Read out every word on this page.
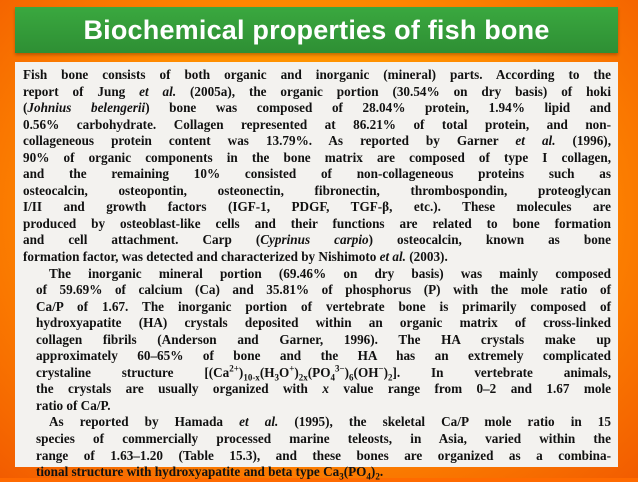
Biochemical properties of fish bone

Fish bone consists of both organic and inorganic (mineral) parts. According to the
report of Jung et al. (2005a), the organic portion (30.54% on dry basis) of hoki
(Johnius belengerii) bone was composed of 28.04% protein, 1.94% lipid and
0.56% carbohydrate. Collagen represented at 86.21% of total protein, and non-
collageneous protein content was 13.79%. As reported by Garner et al. (1996),
90% of organic components in the bone matrix are composed of type I collagen,
and the remaining 10% consisted of non-collageneous proteins such as
osteocalcin, osteopontin, osteonectin, fibronectin, thrombospondin, proteoglycan
I/II and growth factors (IGF-1, PDGF, TGF-β, etc.). These molecules are
produced by osteoblast-like cells and their functions are related to bone formation
and cell attachment. Carp (Cyprinus carpio) osteocalcin, known as bone
formation factor, was detected and characterized by Nishimoto et al. (2003).

The inorganic mineral portion (69.46% on dry basis) was mainly composed
of 59.69% of calcium (Ca) and 35.81% of phosphorus (P) with the mole ratio of
Ca/P of 1.67. The inorganic portion of vertebrate bone is primarily composed of
hydroxyapatite (HA) crystals deposited within an organic matrix of cross-linked
collagen fibrils (Anderson and Garner, 1996). The HA crystals make up
approximately 60–65% of bone and the HA has an extremely complicated
crystaline structure $[(Ca^{2+})_{10-x}(H_3O^+)_{2x}(PO_4^{3-})_6(OH^-)_2]$. In vertebrate animals,
the crystals are usually organized with x value range from 0–2 and 1.67 mole
ratio of Ca/P.

As reported by Hamada et al. (1995), the skeletal Ca/P mole ratio in 15
species of commercially processed marine teleosts, in Asia, varied within the
range of 1.63–1.20 (Table 15.3), and these bones are organized as a combina-
tional structure with hydroxyapatite and beta type $Ca_3(PO_4)_2$.
